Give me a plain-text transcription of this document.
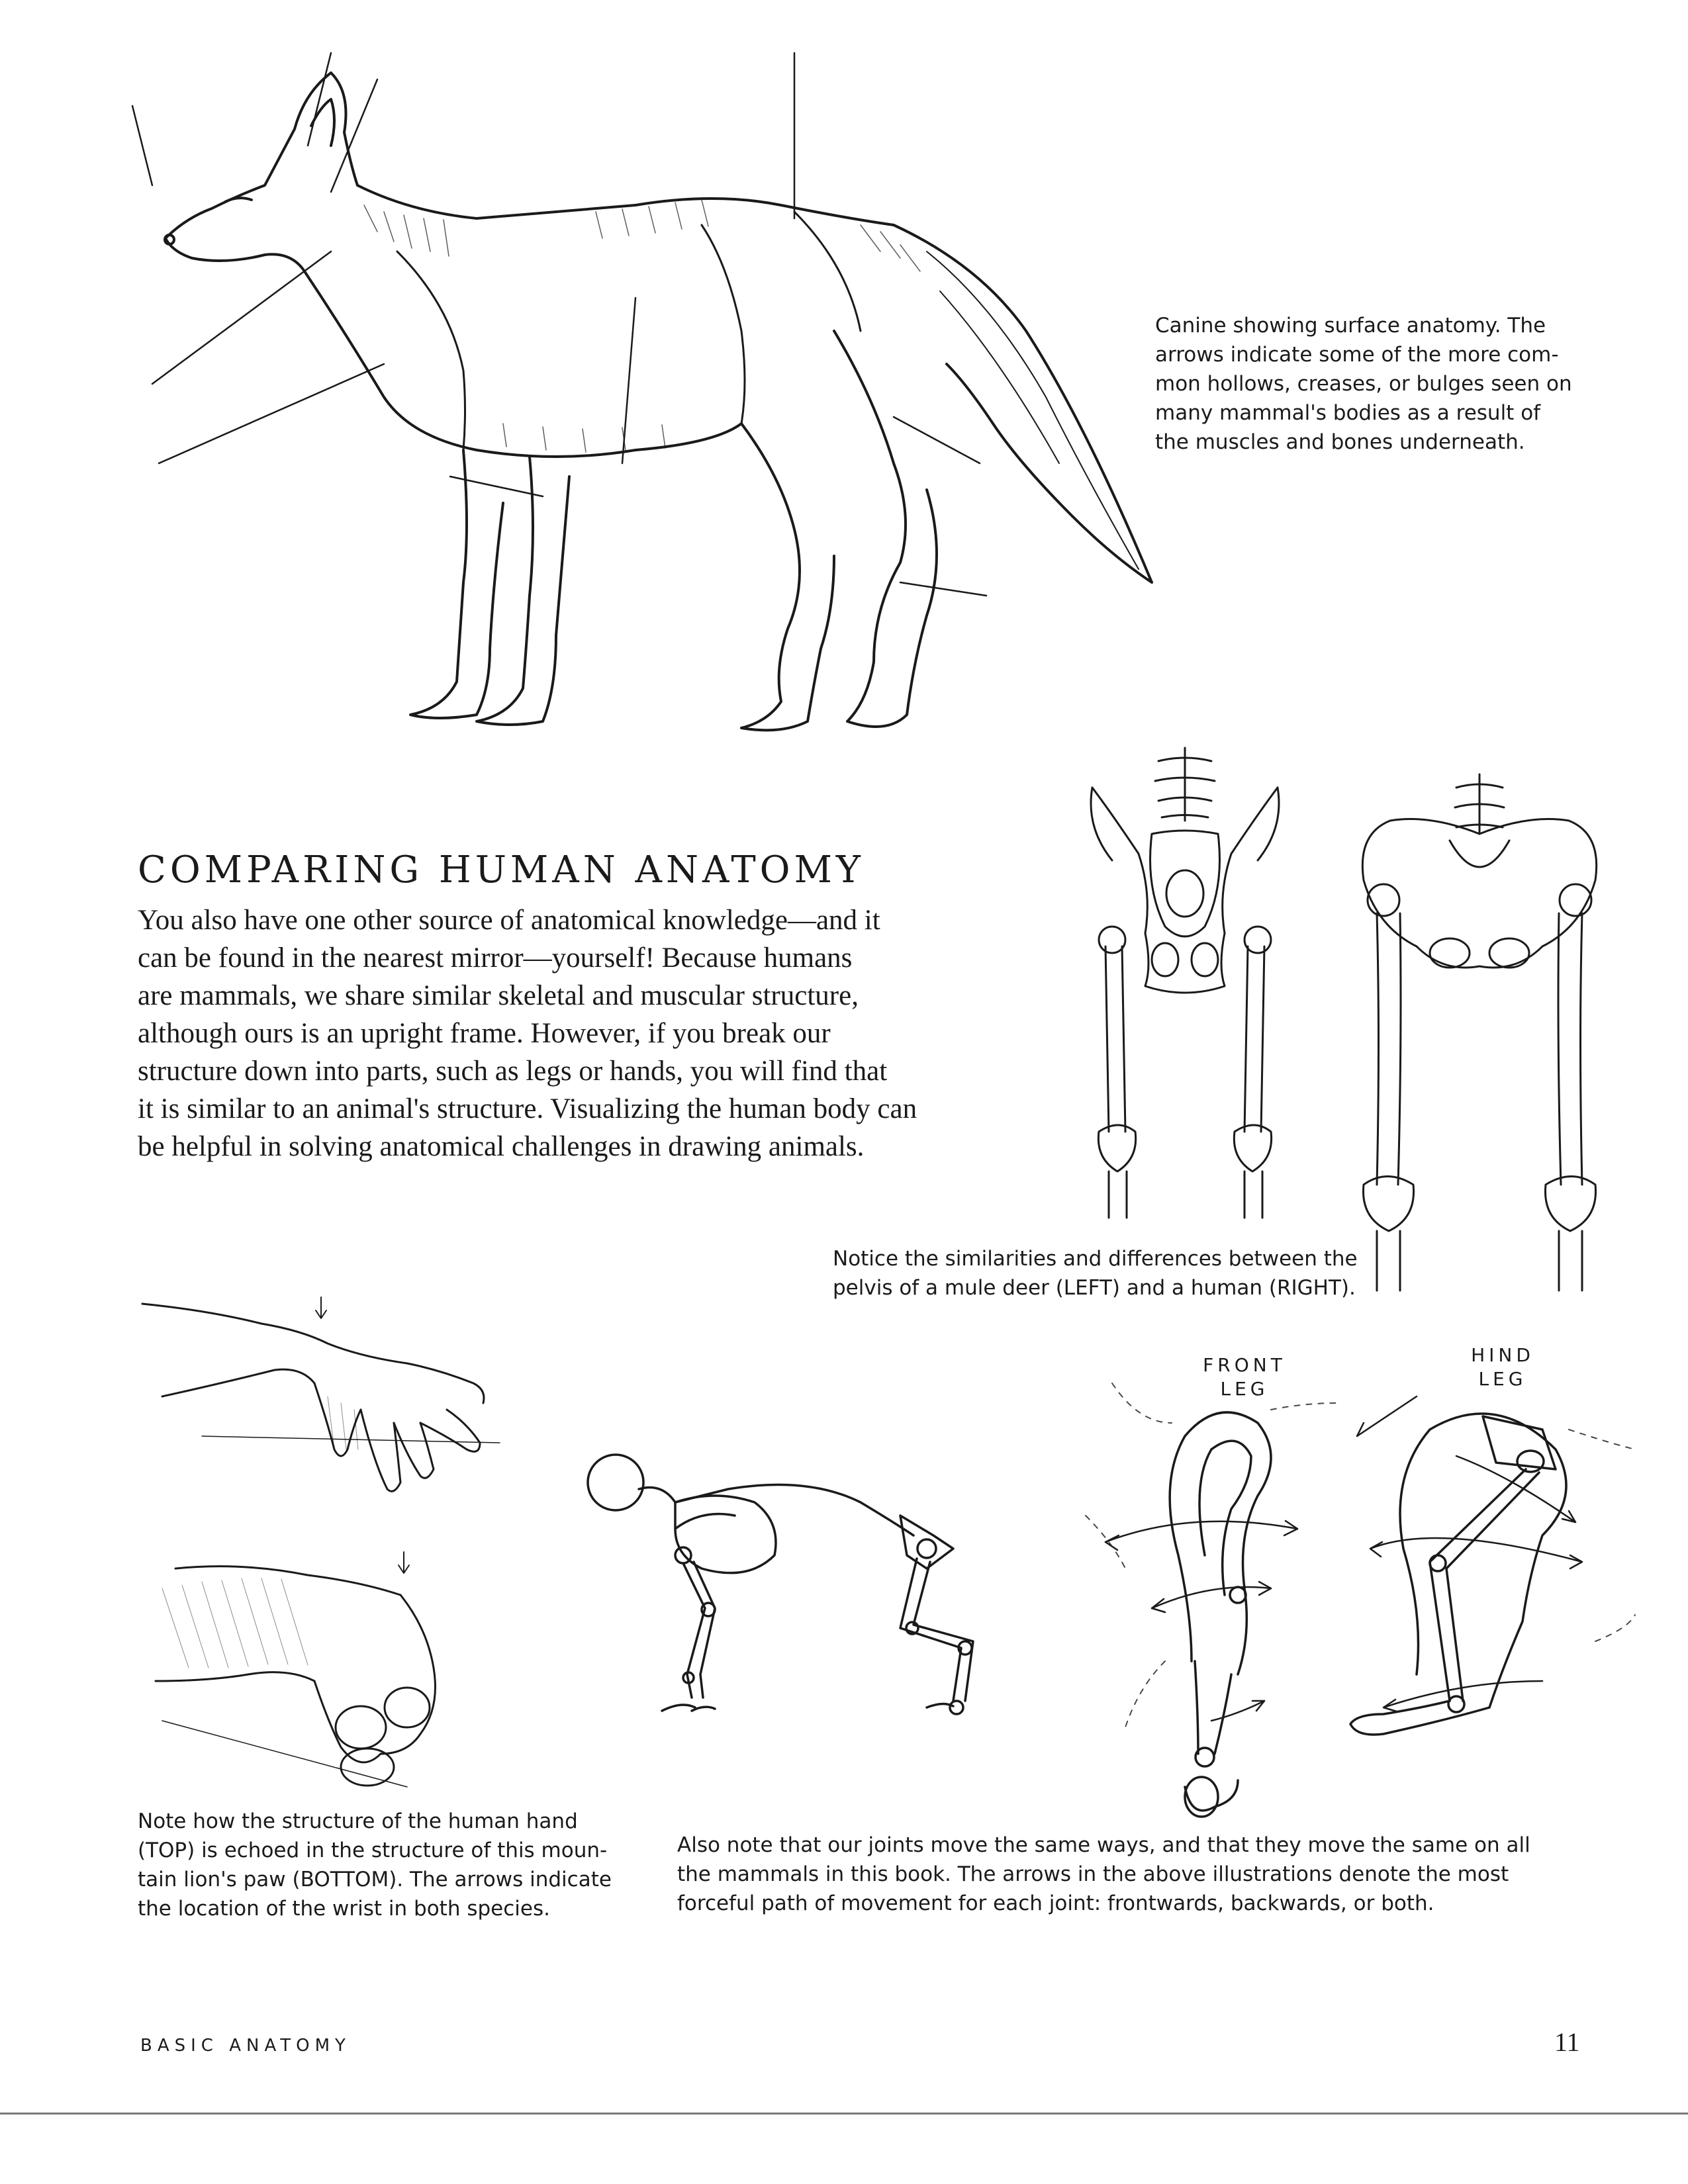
Canine showing surface anatomy. The
arrows indicate some of the more com-
mon hollows, creases, or bulges seen on
many mammal's bodies as a result of
the muscles and bones underneath.
COMPARING HUMAN ANATOMY
You also have one other source of anatomical knowledge—and it
can be found in the nearest mirror—yourself! Because humans
are mammals, we share similar skeletal and muscular structure,
although ours is an upright frame. However, if you break our
structure down into parts, such as legs or hands, you will find that
it is similar to an animal's structure. Visualizing the human body can
be helpful in solving anatomical challenges in drawing animals.
Notice the similarities and differences between the
pelvis of a mule deer (LEFT) and a human (RIGHT).
Note how the structure of the human hand
(TOP) is echoed in the structure of this moun-
tain lion's paw (BOTTOM). The arrows indicate
the location of the wrist in both species.
FRONT
LEG
HIND
LEG
Also note that our joints move the same ways, and that they move the same on all
the mammals in this book. The arrows in the above illustrations denote the most
forceful path of movement for each joint: frontwards, backwards, or both.
BASIC ANATOMY	11
